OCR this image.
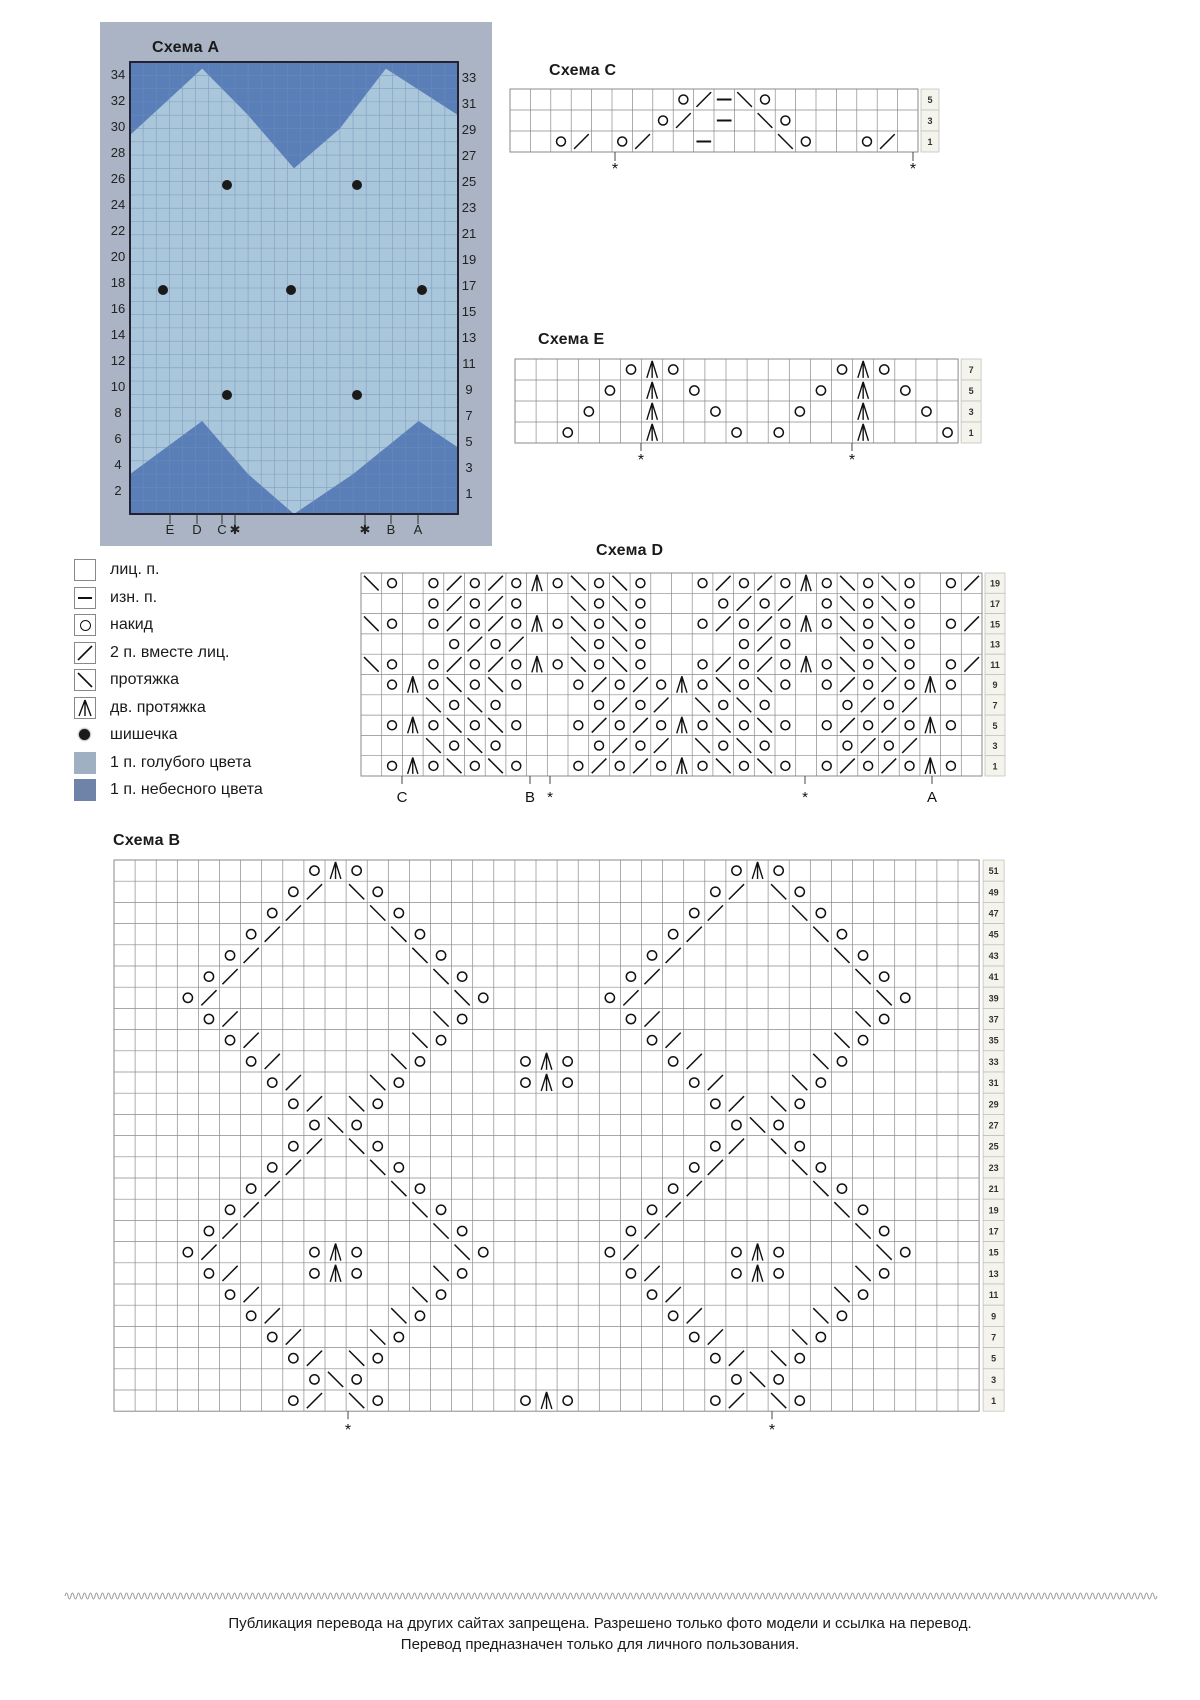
Схема А
34
32
30
28
26
24
22
20
18
16
14
12
10
8
6
4
2
33
31
29
27
25
23
21
19
17
15
13
11
9
7
5
3
1
E D C ✱	✱ B A
Схема С
5
3
1
*	*
Схема E
7
5
3
1
*	*
Схема D
19
17
15
13
11
9
7
5
3
1
C	B *	*	A
лиц. п.
изн. п.
накид
2 п. вместе лиц.
протяжка
дв. протяжка
шишечка
1 п. голубого цвета
1 п. небесного цвета
Схема В
51
49
47
45
43
41
39
37
35
33
31
29
27
25
23
21
19
17
15
13
11
9
7
5
3
1
*	*
Публикация перевода на других сайтах запрещена. Разрешено только фото модели и ссылка на перевод.
Перевод предназначен только для личного пользования.
